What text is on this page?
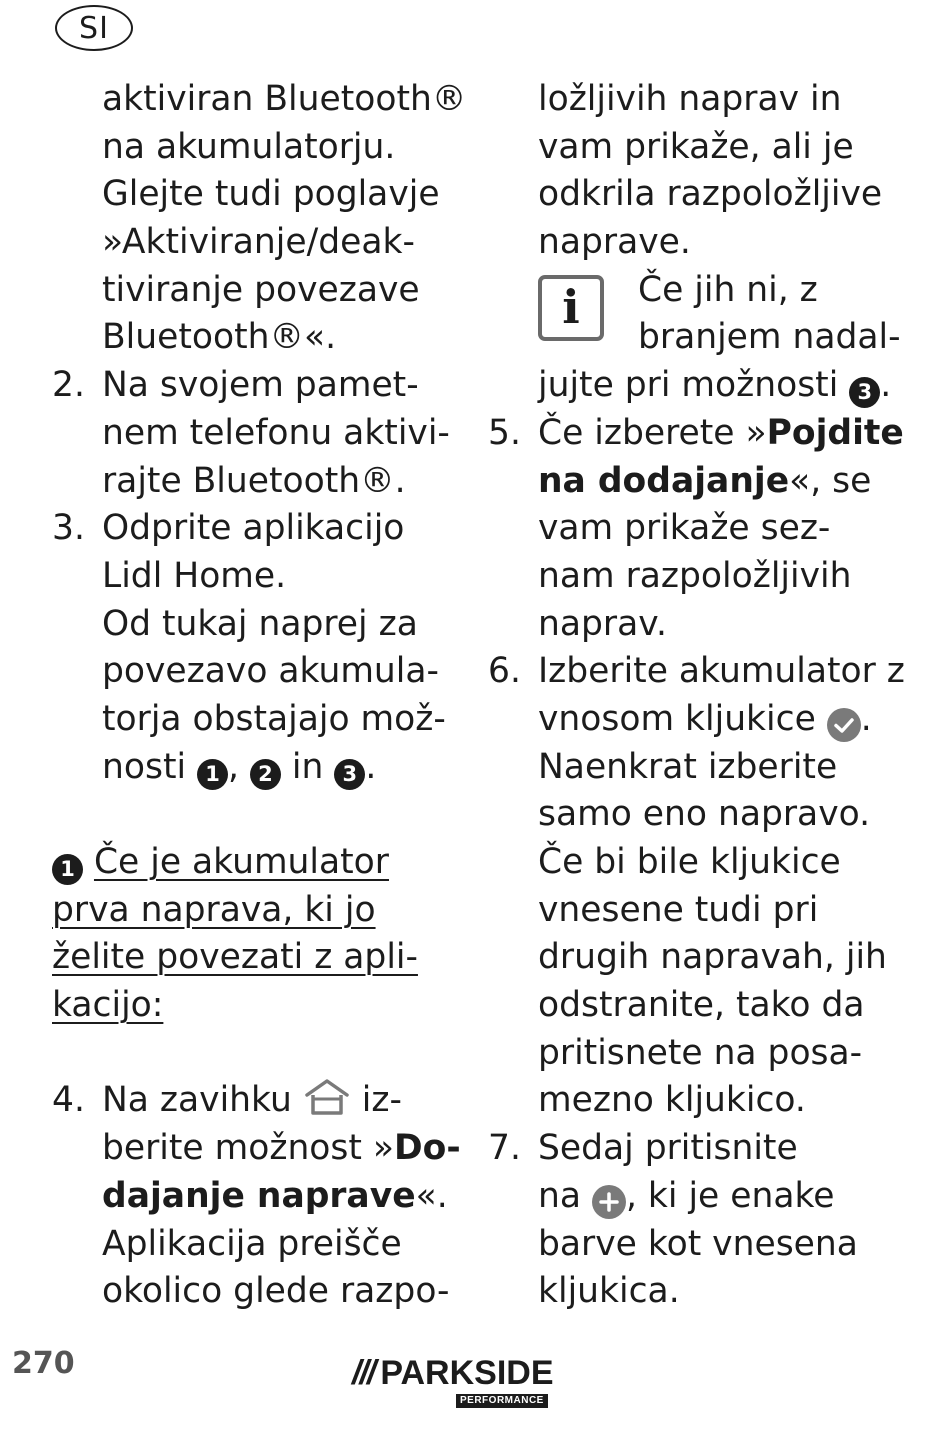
SI
aktiviran Bluetooth®
na akumulatorju.
Glejte tudi poglavje
»Aktiviranje/deak-
tiviranje povezave
Bluetooth®«.
2. Na svojem pamet-
nem telefonu aktivi-
rajte Bluetooth®.
3. Odprite aplikacijo
Lidl Home.
Od tukaj naprej za
povezavo akumula-
torja obstajajo mož-
nosti 1 , 2 in 3 .
1 Če je akumulator
prva naprava, ki jo
želite povezati z apli-
kacijo:
4. Na zavihku  iz-
berite možnost »Do-
dajanje naprave«.
Aplikacija preišče
okolico glede razpo-
ložljivih naprav in
vam prikaže, ali je
odkrila razpoložljive
naprave.
i	Če jih ni, z
branjem nadal-
jujte pri možnosti 3 .
5. Če izberete »Pojdite
na dodajanje«, se
vam prikaže sez-
nam razpoložljivih
naprav.
6. Izberite akumulator z
vnosom kljukice .
Naenkrat izberite
samo eno napravo.
Če bi bile kljukice
vnesene tudi pri
drugih napravah, jih
odstranite, tako da
pritisnete na posa-
mezno kljukico.
7. Sedaj pritisnite
na , ki je enake
barve kot vnesena
kljukica.
270	/// PARKSIDE
PERFORMANCE
